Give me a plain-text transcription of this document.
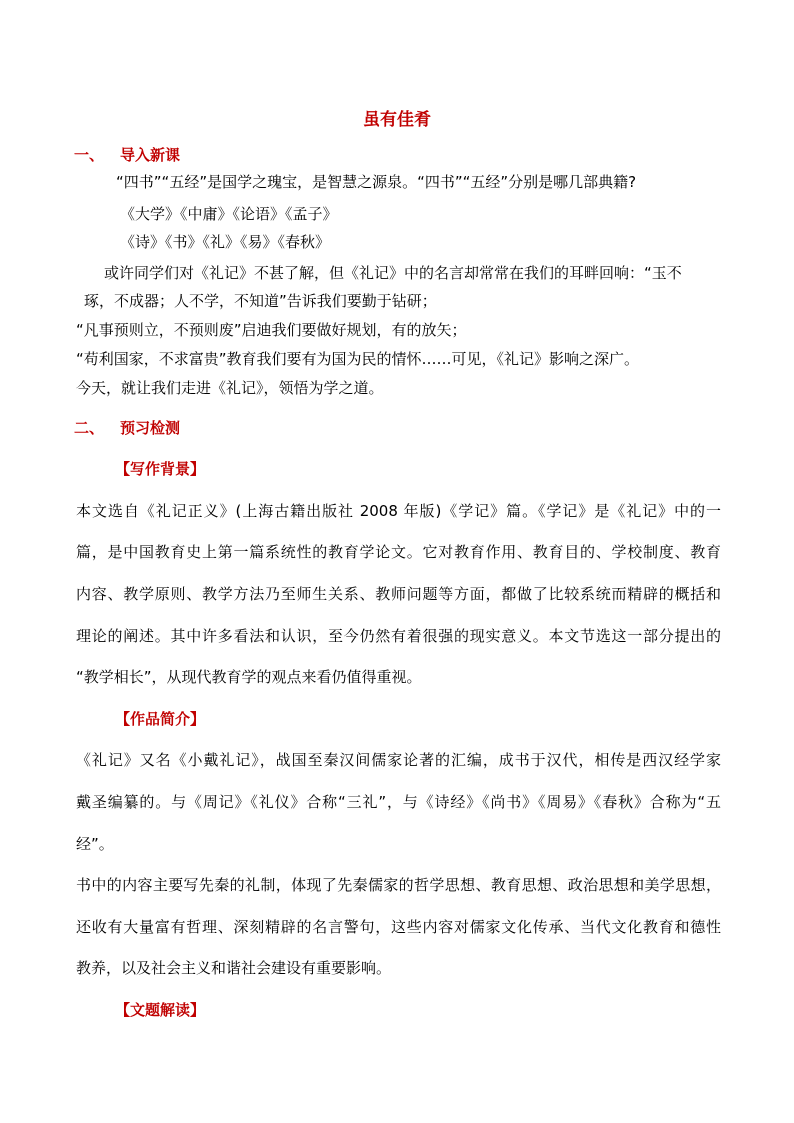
虽有佳肴
一、 导入新课
“四书”“五经”是国学之瑰宝，是智慧之源泉。“四书”“五经”分别是哪几部典籍?
《大学》《中庸》《论语》《孟子》
《诗》《书》《礼》《易》《春秋》
或许同学们对《礼记》不甚了解，但《礼记》中的名言却常常在我们的耳畔回响：“玉不
琢，不成器；人不学，不知道”告诉我们要勤于钻研；
“凡事预则立，不预则废”启迪我们要做好规划，有的放矢；
“苟利国家，不求富贵”教育我们要有为国为民的情怀……可见，《礼记》影响之深广。
今天，就让我们走进《礼记》，领悟为学之道。
二、 预习检测
【写作背景】
本文选自《礼记正义》(上海古籍出版社 2008 年版)《学记》篇。《学记》是《礼记》中的一
篇，是中国教育史上第一篇系统性的教育学论文。它对教育作用、教育目的、学校制度、教育
内容、教学原则、教学方法乃至师生关系、教师问题等方面，都做了比较系统而精辟的概括和
理论的阐述。其中许多看法和认识，至今仍然有着很强的现实意义。本文节选这一部分提出的
“教学相长”，从现代教育学的观点来看仍值得重视。
【作品简介】
《礼记》又名《小戴礼记》，战国至秦汉间儒家论著的汇编，成书于汉代，相传是西汉经学家
戴圣编纂的。与《周记》《礼仪》合称“三礼”，与《诗经》《尚书》《周易》《春秋》合称为“五
经”。
书中的内容主要写先秦的礼制，体现了先秦儒家的哲学思想、教育思想、政治思想和美学思想，
还收有大量富有哲理、深刻精辟的名言警句，这些内容对儒家文化传承、当代文化教育和德性
教养，以及社会主义和谐社会建设有重要影响。
【文题解读】
